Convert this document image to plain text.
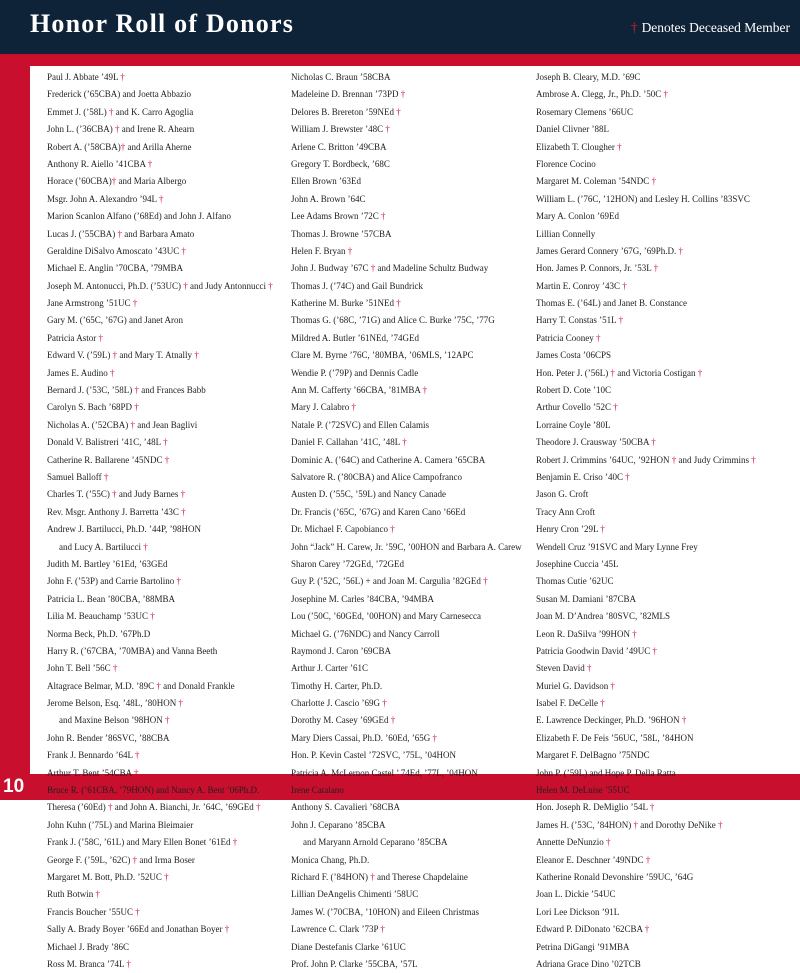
Honor Roll of Donors	† Denotes Deceased Member
10
Paul J. Abbate ’49L †
Frederick (’65CBA) and Joetta Abbazio
Emmet J. (’58L) † and K. Carro Agoglia
John L. (’36CBA) † and Irene R. Ahearn
Robert A. (’58CBA)† and Arilla Aherne
Anthony R. Aiello ’41CBA †
Horace (’60CBA)† and Maria Albergo
Msgr. John A. Alexandro ’94L †
Marion Scanlon Alfano (’68Ed) and John J. Alfano
Lucas J. (’55CBA) † and Barbara Amato
Geraldine DiSalvo Amoscato ’43UC †
Michael E. Anglin ’70CBA, ’79MBA
Joseph M. Antonucci, Ph.D. (’53UC) † and Judy Antonnucci †
Jane Armstrong ’51UC †
Gary M. (’65C, ’67G) and Janet Aron
Patricia Astor †
Edward V. (’59L) † and Mary T. Atnally †
James E. Audino †
Bernard J. (’53C, ’58L) † and Frances Babb
Carolyn S. Bach ’68PD †
Nicholas A. (’52CBA) † and Jean Baglivi
Donald V. Balistreri ’41C, ’48L †
Catherine R. Ballarene ’45NDC †
Samuel Balloff †
Charles T. (’55C) † and Judy Barnes †
Rev. Msgr. Anthony J. Barretta ’43C †
Andrew J. Bartilucci, Ph.D. ’44P, ’98HON
and Lucy A. Bartilucci †
Judith M. Bartley ’61Ed, ’63GEd
John F. (’53P) and Carrie Bartolino †
Patricia L. Bean ’80CBA, ’88MBA
Lilia M. Beauchamp ’53UC †
Norma Beck, Ph.D. ’67Ph.D
Harry R. (’67CBA, ’70MBA) and Vanna Beeth
John T. Bell ’56C †
Altagrace Belmar, M.D. ’89C † and Donald Frankle
Jerome Belson, Esq. ’48L, ’80HON †
and Maxine Belson ’98HON †
John R. Bender ’86SVC, ’88CBA
Frank J. Bennardo ’64L †
Arthur T. Bent ’54CBA †
Bruce R. (’61CBA, ’79HON) and Nancy A. Bent ’06Ph.D.
Theresa (’60Ed) † and John A. Bianchi, Jr. ’64C, ’69GEd †
John Kuhn (’75L) and Marina Bleimaier
Frank J. (’58C, ’61L) and Mary Ellen Bonet ’61Ed †
George F. (’59L, ’62C) † and Irma Boser
Margaret M. Bott, Ph.D. ’52UC †
Ruth Botwin †
Francis Boucher ’55UC †
Sally A. Brady Boyer ’66Ed and Jonathan Boyer †
Michael J. Brady ’86C
Ross M. Branca ’74L †
Nicholas C. Braun ’58CBA
Madeleine D. Brennan ’73PD †
Delores B. Brereton ’59NEd †
William J. Brewster ’48C †
Arlene C. Britton ’49CBA
Gregory T. Bordbeck, ’68C
Ellen Brown ’63Ed
John A. Brown ’64C
Lee Adams Brown ’72C †
Thomas J. Browne ’57CBA
Helen F. Bryan †
John J. Budway ’67C † and Madeline Schultz Budway
Thomas J. (’74C) and Gail Bundrick
Katherine M. Burke ’51NEd †
Thomas G. (’68C, ’71G) and Alice C. Burke ’75C, ’77G
Mildred A. Butler ’61NEd, ’74GEd
Clare M. Byrne ’76C, ’80MBA, ’06MLS, ’12APC
Wendie P. (’79P) and Dennis Cadle
Ann M. Cafferty ’66CBA, ’81MBA †
Mary J. Calabro †
Natale P. (’72SVC) and Ellen Calamis
Daniel F. Callahan ’41C, ’48L †
Dominic A. (’64C) and Catherine A. Camera ’65CBA
Salvatore R. (’80CBA) and Alice Campofranco
Austen D. (’55C, ’59L) and Nancy Canade
Dr. Francis (’65C, ’67G) and Karen Cano ’66Ed
Dr. Michael F. Capobianco †
John “Jack” H. Carew, Jr. ’59C, ’00HON and Barbara A. Carew
Sharon Carey ’72GEd, ’72GEd
Guy P. (’52C, ’56L) + and Joan M. Cargulia ’82GEd †
Josephine M. Carles ’84CBA, ’94MBA
Lou (’50C, ’60GEd, ’00HON) and Mary Carnesecca
Michael G. (’76NDC) and Nancy Carroll
Raymond J. Caron ’69CBA
Arthur J. Carter ’61C
Timothy H. Carter, Ph.D.
Charlotte J. Cascio ’69G †
Dorothy M. Casey ’69GEd †
Mary Diers Cassai, Ph.D. ’60Ed, ’65G †
Hon. P. Kevin Castel ’72SVC, ’75L, ’04HON
Patricia A. McLernon Castel ’ 74Ed, ’77L, ’04HON
Irene Catalano †
Anthony S. Cavalieri ’68CBA
John J. Ceparano ’85CBA
and Maryann Arnold Ceparano ’85CBA
Monica Chang, Ph.D.
Richard F. (’84HON) † and Therese Chapdelaine
Lillian DeAngelis Chimenti ’58UC
James W. (’70CBA, ’10HON) and Eileen Christmas
Lawrence C. Clark ’73P †
Diane Destefanis Clarke ’61UC
Prof. John P. Clarke ’55CBA, ’57L
Joseph B. Cleary, M.D. ’69C
Ambrose A. Clegg, Jr., Ph.D. ’50C †
Rosemary Clemens ’66UC
Daniel Clivner ’88L
Elizabeth T. Clougher †
Florence Cocino
Margaret M. Coleman ’54NDC †
William L. (’76C, ’12HON) and Lesley H. Collins ’83SVC
Mary A. Conlon ’69Ed
Lillian Connelly
James Gerard Connery ’67G, ’69Ph.D. †
Hon. James P. Connors, Jr. ’53L †
Martin E. Conroy ’43C †
Thomas E. (’64L) and Janet B. Constance
Harry T. Constas ’51L †
Patricia Cooney †
James Costa ’06CPS
Hon. Peter J. (’56L) † and Victoria Costigan †
Robert D. Cote ’10C
Arthur Covello ’52C †
Lorraine Coyle ’80L
Theodore J. Crausway ’50CBA †
Robert J. Crimmins ’64UC, ’92HON † and Judy Crimmins †
Benjamin E. Criso ’40C †
Jason G. Croft
Tracy Ann Croft
Henry Cron ’29L †
Wendell Cruz ’91SVC and Mary Lynne Frey
Josephine Cuccia ’45L
Thomas Cutie ’62UC
Susan M. Damiani ’87CBA
Joan M. D’Andrea ’80SVC, ’82MLS
Leon R. DaSilva ’99HON †
Patricia Goodwin David ’49UC †
Steven David †
Muriel G. Davidson †
Isabel F. DeCelle †
E. Lawrence Deckinger, Ph.D. ’96HON †
Elizabeth F. De Feis ’56UC, ’58L, ’84HON
Margaret F. DelBagno ’75NDC
John P. (’59L) and Hope P. Della Ratta
Helen M. DeLuise ’55UC †
Hon. Joseph R. DeMiglio ’54L †
James H. (’53C, ’84HON) † and Dorothy DeNike †
Annette DeNunzio †
Eleanor E. Deschner ’49NDC †
Katherine Ronald Devonshire ’59UC, ’64G
Joan L. Dickie ’54UC
Lori Lee Dickson ’91L
Edward P. DiDonato ’62CBA †
Petrina DiGangi ’91MBA
Adriana Grace Dino ’02TCB
